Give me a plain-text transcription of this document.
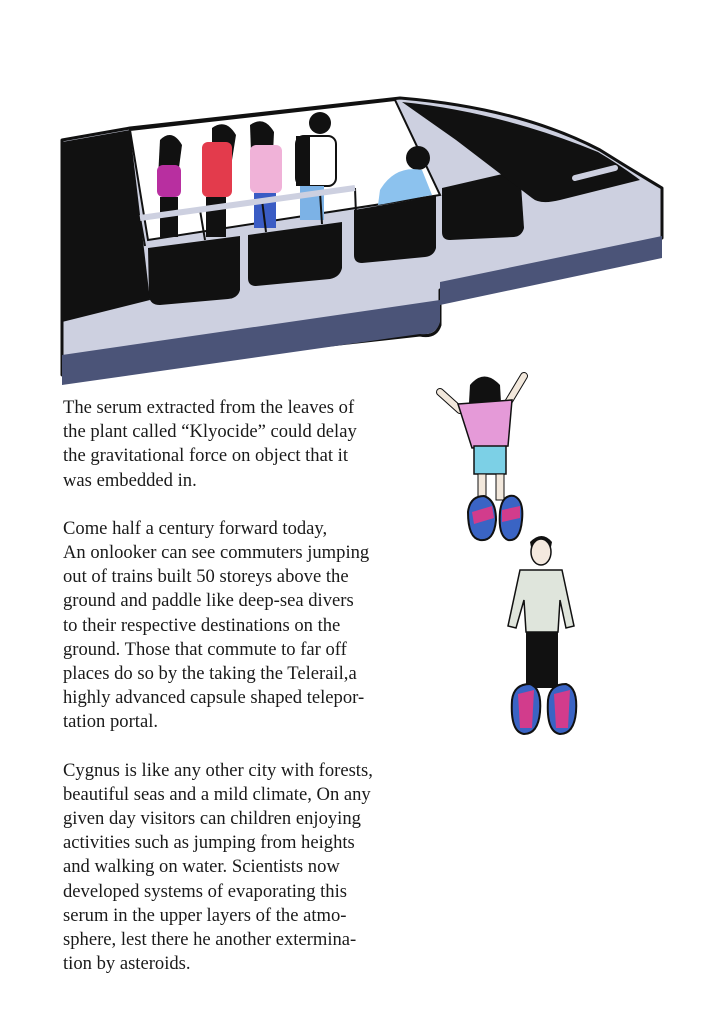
The serum extracted from the leaves of
the plant called “Klyocide” could delay
the gravitational force on object that it
was embedded in.

Come half a century forward today,
An onlooker can see commuters jumping
out of trains built 50 storeys above the
ground and paddle like deep-sea divers
to their respective destinations on the
ground. Those that commute to far off
places do so by the taking the Telerail,a
highly advanced capsule shaped telepor-
tation portal.

Cygnus is like any other city with forests,
beautiful seas and a mild climate, On any
given day visitors can children enjoying
activities such as jumping from heights
and walking on water. Scientists now
developed systems of evaporating this
serum in the upper layers of the atmo-
sphere, lest there he another extermina-
tion by asteroids.
